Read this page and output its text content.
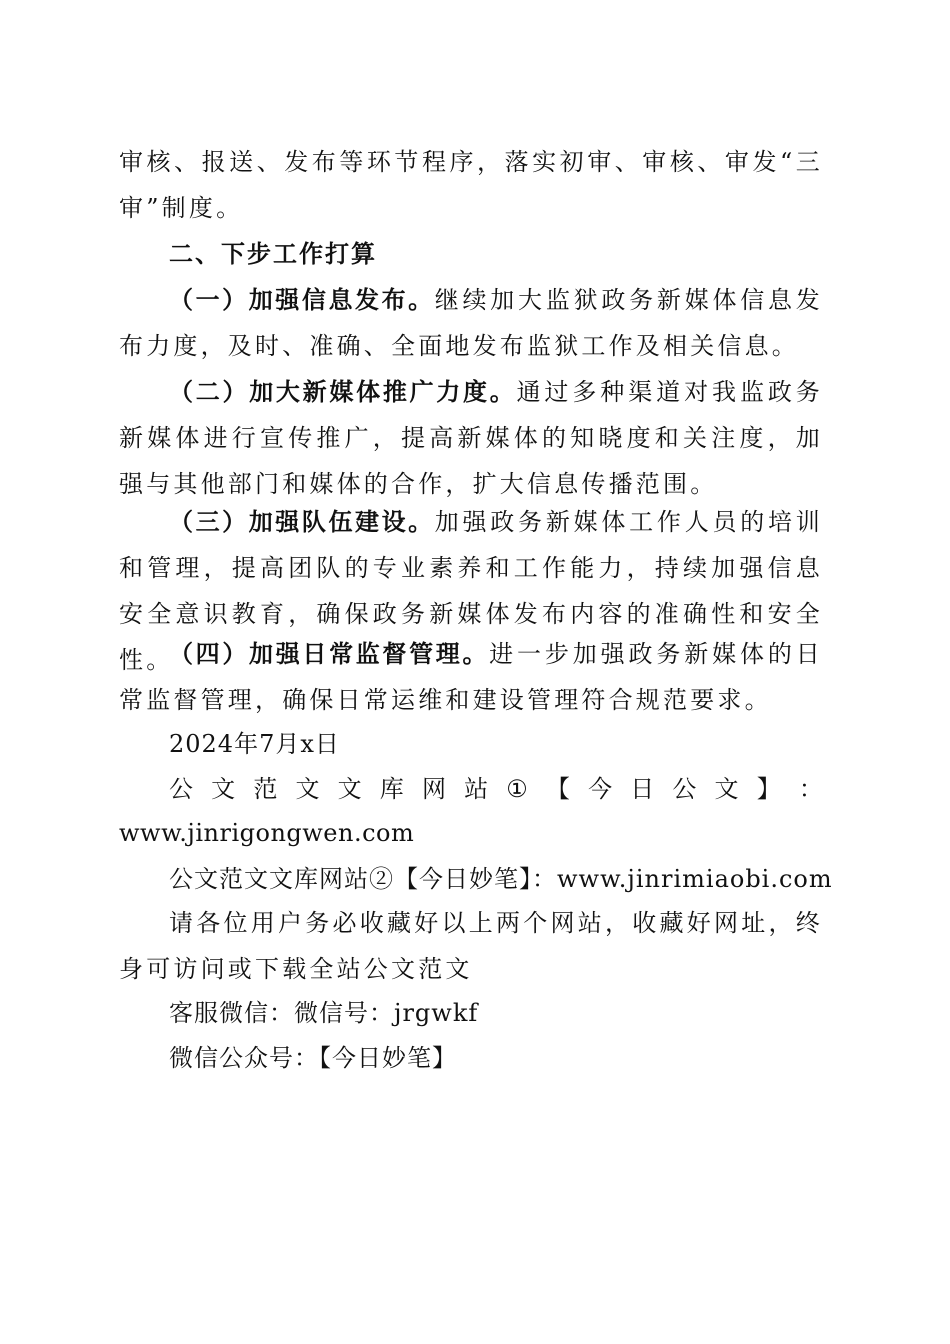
审核、报送、发布等环节程序，落实初审、审核、审发“三审”制度。
二、下步工作打算
（一）加强信息发布。继续加大监狱政务新媒体信息发布力度，及时、准确、全面地发布监狱工作及相关信息。
（二）加大新媒体推广力度。通过多种渠道对我监政务新媒体进行宣传推广，提高新媒体的知晓度和关注度，加强与其他部门和媒体的合作，扩大信息传播范围。
（三）加强队伍建设。加强政务新媒体工作人员的培训和管理，提高团队的专业素养和工作能力，持续加强信息安全意识教育，确保政务新媒体发布内容的准确性和安全性。
（四）加强日常监督管理。进一步加强政务新媒体的日常监督管理，确保日常运维和建设管理符合规范要求。
2024年7月x日
公 文 范 文 文 库 网 站 ① 【 今 日 公 文 】 ：
www.jinrigongwen.com
公文范文文库网站②【今日妙笔】：www.jinrimiaobi.com
请各位用户务必收藏好以上两个网站，收藏好网址，终身可访问或下载全站公文范文
客服微信：微信号：jrgwkf
微信公众号：【今日妙笔】
